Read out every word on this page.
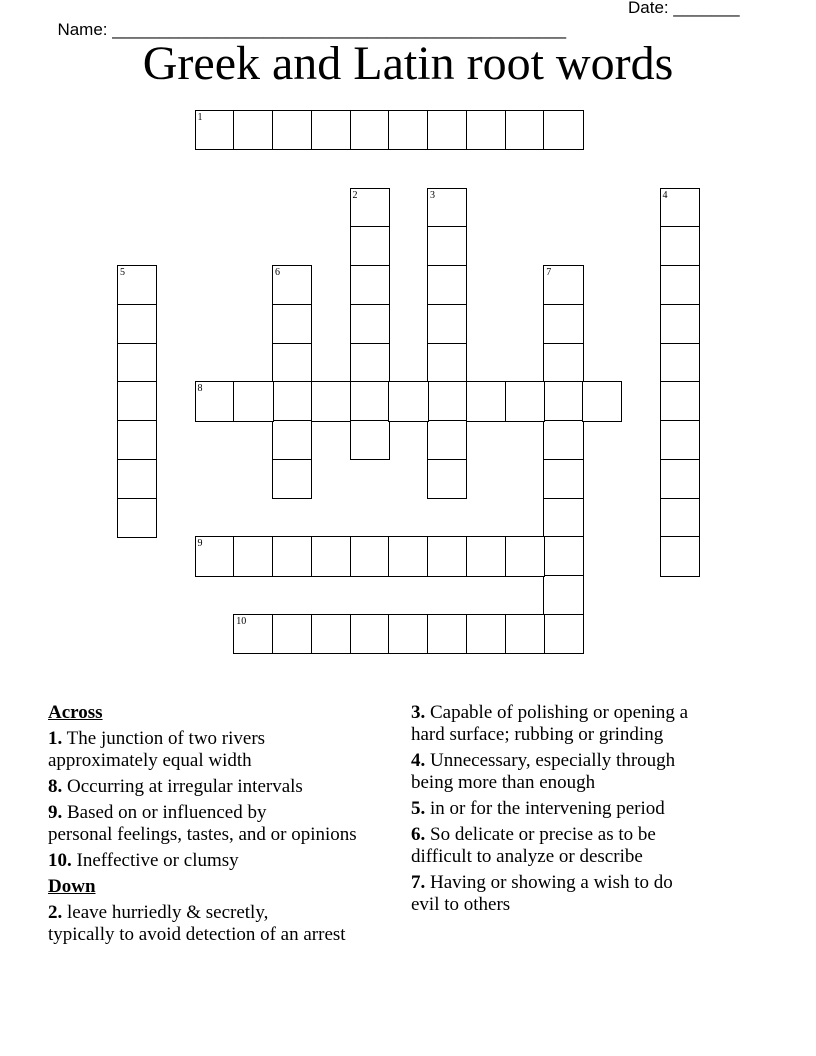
Name: ________________________________________________

Date: _______

Greek and Latin root words
1
2	3	4
5	6	7
8
9
10
Across
1. The junction of two rivers
approximately equal width
8. Occurring at irregular intervals
9. Based on or influenced by
personal feelings, tastes, and or opinions
10. Ineffective or clumsy
Down
2. leave hurriedly & secretly,
typically to avoid detection of an arrest
3. Capable of polishing or opening a
hard surface; rubbing or grinding
4. Unnecessary, especially through
being more than enough
5. in or for the intervening period
6. So delicate or precise as to be
difficult to analyze or describe
7. Having or showing a wish to do
evil to others
